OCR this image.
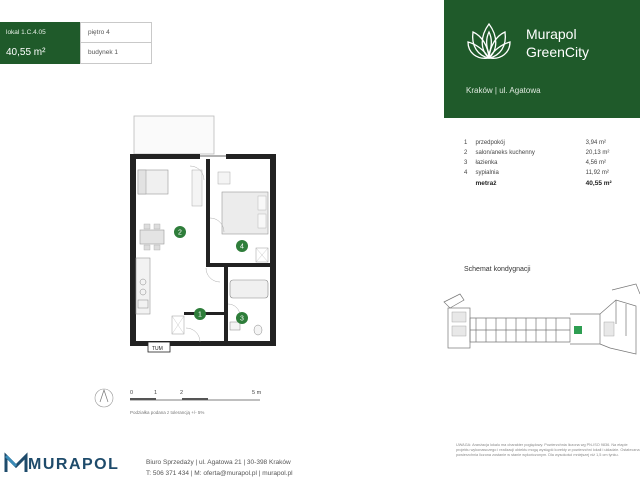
lokal 1.C.4.05
40,55 m²
piętro 4
budynek 1
Murapol
GreenCity
Kraków | ul. Agatowa
1	przedpokój	3,94 m²
2	salon/aneks kuchenny	20,13 m²
3	łazienka	4,56 m²
4	sypialnia	11,92 m²
metraż	40,55 m²
Schemat kondygnacji
TUM
1
2
3
4
0	1	2	5 m
Podziałka podana z tolerancją +/- 5%
MURAPOL	Biuro Sprzedaży | ul. Agatowa 21 | 30-398 Kraków
T: 506 371 434 | M: oferta@murapol.pl | murapol.pl
UWAGA: Aranżacja lokalu ma charakter poglądowy. Powierzchnia liczona wg PN-ISO 9836. Na etapie projektu wykonawczego i realizacji obiektu mogą wystąpić korekty w powierzchni lokali i układzie. Ostateczna powierzchnia liczona zostanie w stanie wykończonym. Dla wysokości mniejszej niż 1,5 cm tynku.
